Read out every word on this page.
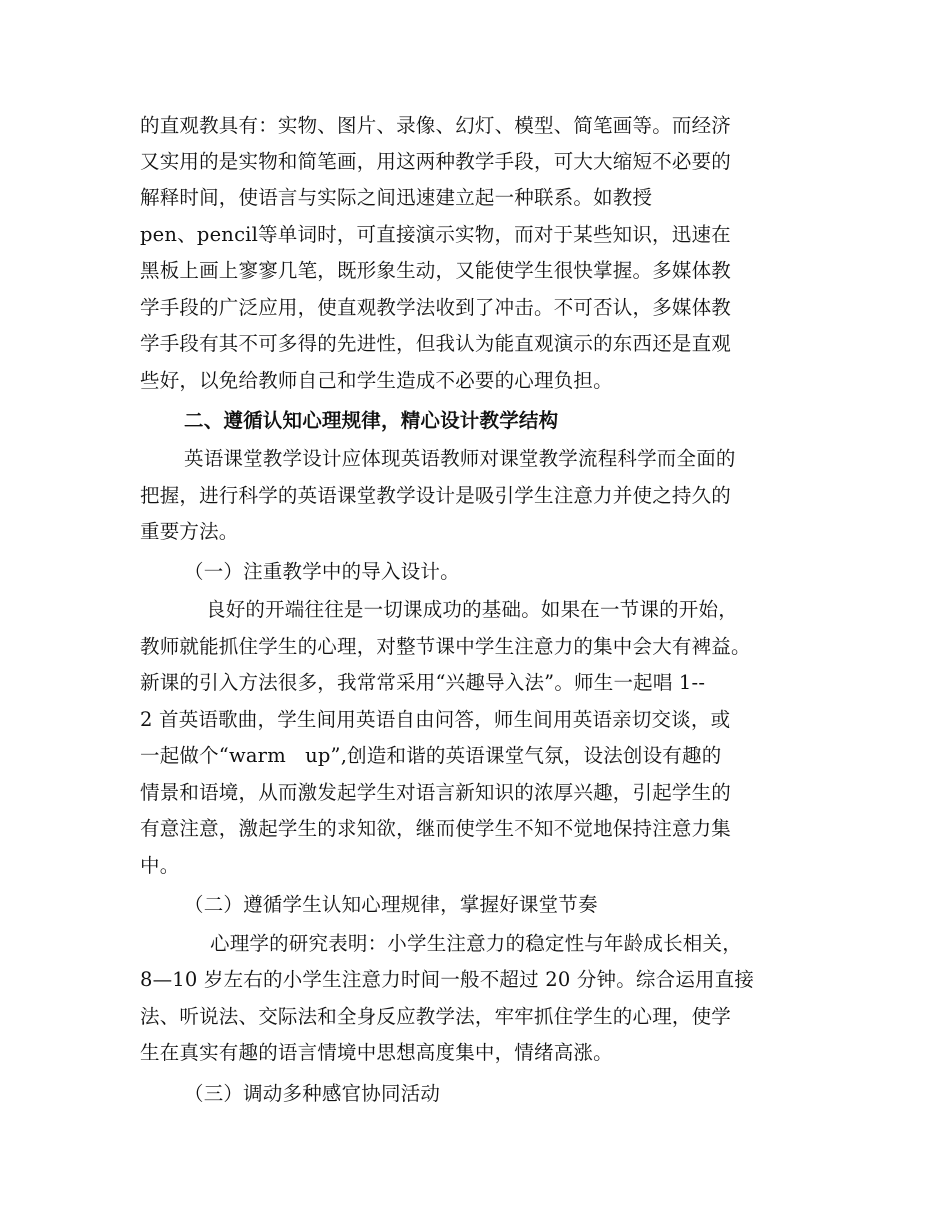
的直观教具有：实物、图片、录像、幻灯、模型、简笔画等。而经济
又实用的是实物和简笔画，用这两种教学手段，可大大缩短不必要的
解释时间，使语言与实际之间迅速建立起一种联系。如教授
pen、pencil等单词时，可直接演示实物，而对于某些知识，迅速在
黑板上画上寥寥几笔，既形象生动，又能使学生很快掌握。多媒体教
学手段的广泛应用，使直观教学法收到了冲击。不可否认，多媒体教
学手段有其不可多得的先进性，但我认为能直观演示的东西还是直观
些好，以免给教师自己和学生造成不必要的心理负担。
二、遵循认知心理规律，精心设计教学结构
英语课堂教学设计应体现英语教师对课堂教学流程科学而全面的
把握，进行科学的英语课堂教学设计是吸引学生注意力并使之持久的
重要方法。
（一）注重教学中的导入设计。
良好的开端往往是一切课成功的基础。如果在一节课的开始，
教师就能抓住学生的心理，对整节课中学生注意力的集中会大有裨益。
新课的引入方法很多，我常常采用“兴趣导入法”。师生一起唱 1--
2 首英语歌曲，学生间用英语自由问答，师生间用英语亲切交谈，或
一起做个“warm   up”,创造和谐的英语课堂气氛，设法创设有趣的
情景和语境，从而激发起学生对语言新知识的浓厚兴趣，引起学生的
有意注意，激起学生的求知欲，继而使学生不知不觉地保持注意力集
中。
（二）遵循学生认知心理规律，掌握好课堂节奏
心理学的研究表明：小学生注意力的稳定性与年龄成长相关，
8—10 岁左右的小学生注意力时间一般不超过 20 分钟。综合运用直接
法、听说法、交际法和全身反应教学法，牢牢抓住学生的心理，使学
生在真实有趣的语言情境中思想高度集中，情绪高涨。
（三）调动多种感官协同活动
